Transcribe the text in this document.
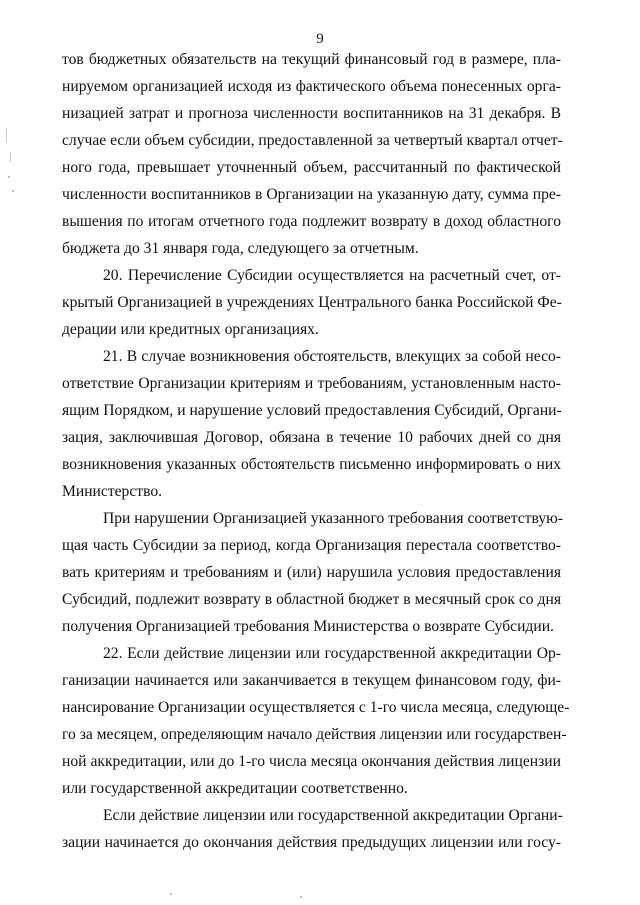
9
тов бюджетных обязательств на текущий финансовый год в размере, пла-
нируемом организацией исходя из фактического объема понесенных орга-
низацией затрат и прогноза численности воспитанников на 31 декабря. В
случае если объем субсидии, предоставленной за четвертый квартал отчет-
ного года, превышает уточненный объем, рассчитанный по фактической
численности воспитанников в Организации на указанную дату, сумма пре-
вышения по итогам отчетного года подлежит возврату в доход областного
бюджета до 31 января года, следующего за отчетным.
20. Перечисление Субсидии осуществляется на расчетный счет, от-
крытый Организацией в учреждениях Центрального банка Российской Фе-
дерации или кредитных организациях.
21. В случае возникновения обстоятельств, влекущих за собой несо-
ответствие Организации критериям и требованиям, установленным насто-
ящим Порядком, и нарушение условий предоставления Субсидий, Органи-
зация, заключившая Договор, обязана в течение 10 рабочих дней со дня
возникновения указанных обстоятельств письменно информировать о них
Министерство.
При нарушении Организацией указанного требования соответствую-
щая часть Субсидии за период, когда Организация перестала соответство-
вать критериям и требованиям и (или) нарушила условия предоставления
Субсидий, подлежит возврату в областной бюджет в месячный срок со дня
получения Организацией требования Министерства о возврате Субсидии.
22. Если действие лицензии или государственной аккредитации Ор-
ганизации начинается или заканчивается в текущем финансовом году, фи-
нансирование Организации осуществляется с 1-го числа месяца, следующе-
го за месяцем, определяющим начало действия лицензии или государствен-
ной аккредитации, или до 1-го числа месяца окончания действия лицензии
или государственной аккредитации соответственно.
Если действие лицензии или государственной аккредитации Органи-
зации начинается до окончания действия предыдущих лицензии или госу-
